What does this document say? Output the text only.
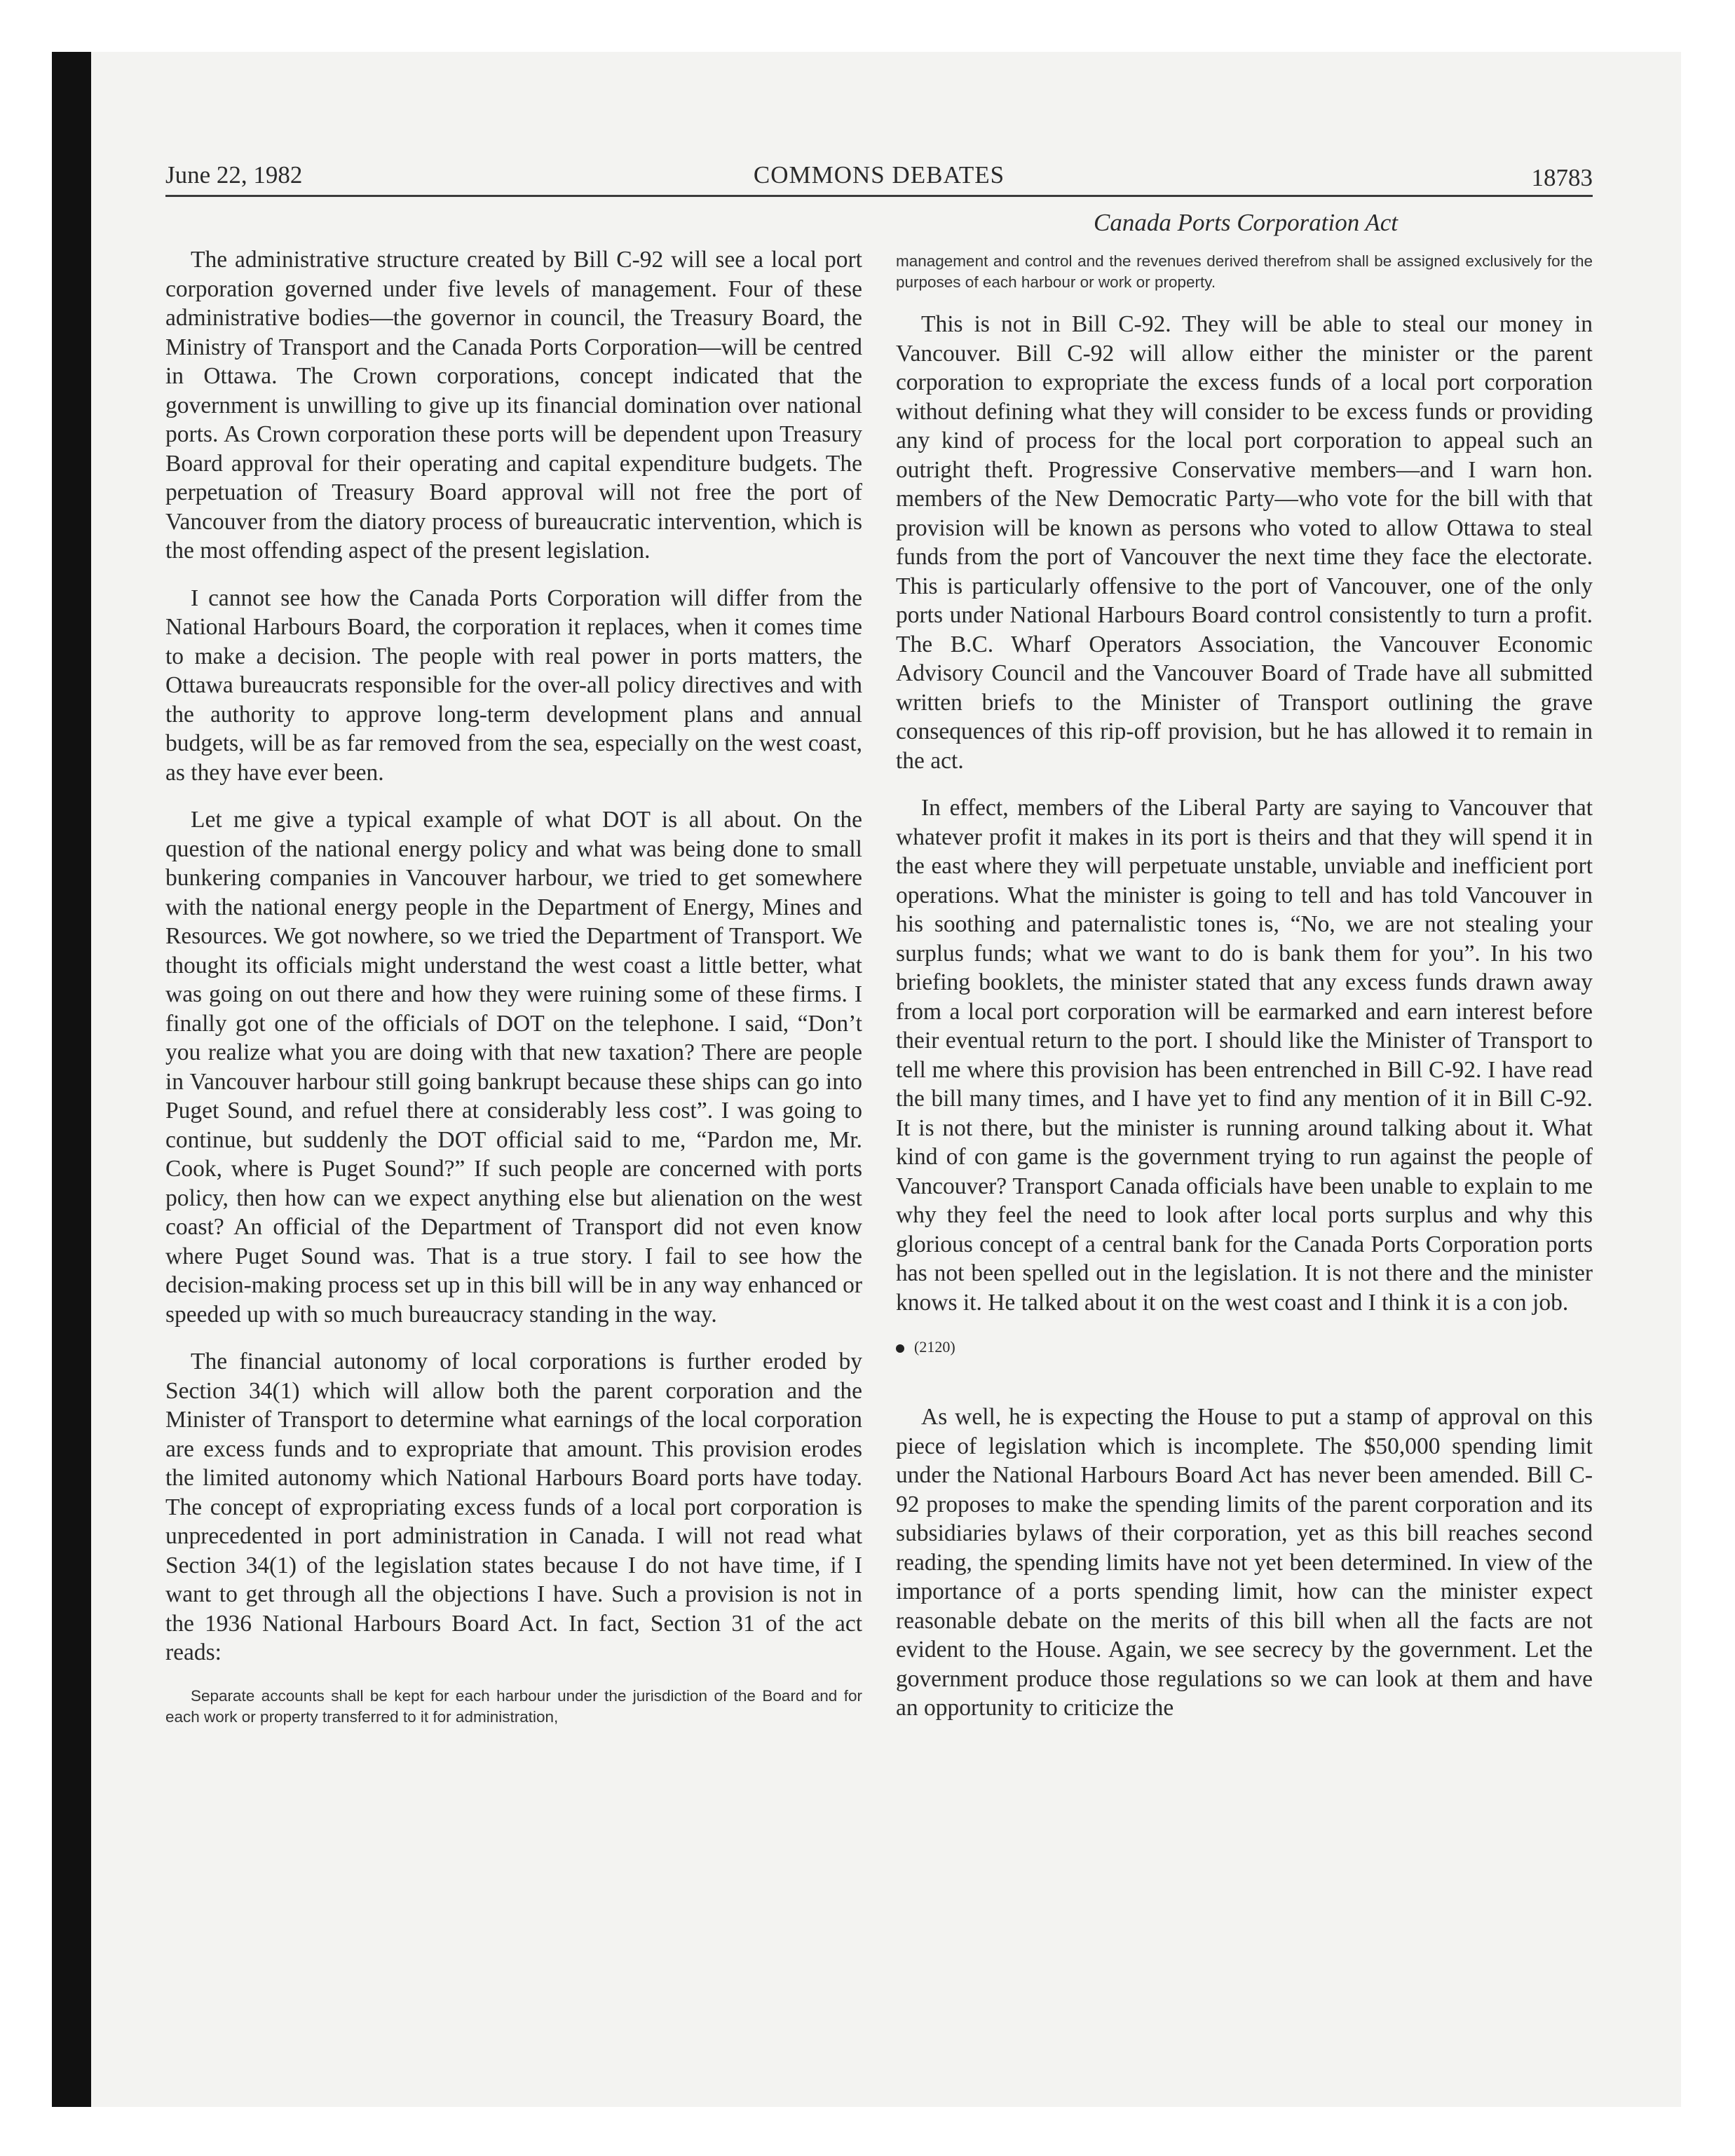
June 22, 1982	COMMONS DEBATES	18783
Canada Ports Corporation Act

The administrative structure created by Bill C-92 will see a local port corporation governed under five levels of management. Four of these administrative bodies—the governor in council, the Treasury Board, the Ministry of Transport and the Canada Ports Corporation—will be centred in Ottawa. The Crown corporations, concept indicated that the government is unwilling to give up its financial domination over national ports. As Crown corporation these ports will be dependent upon Treasury Board approval for their operating and capital expenditure budgets. The perpetuation of Treasury Board approval will not free the port of Vancouver from the diatory process of bureaucratic intervention, which is the most offending aspect of the present legislation.

I cannot see how the Canada Ports Corporation will differ from the National Harbours Board, the corporation it replaces, when it comes time to make a decision. The people with real power in ports matters, the Ottawa bureaucrats responsible for the over-all policy directives and with the authority to approve long-term development plans and annual budgets, will be as far removed from the sea, especially on the west coast, as they have ever been.

Let me give a typical example of what DOT is all about. On the question of the national energy policy and what was being done to small bunkering companies in Vancouver harbour, we tried to get somewhere with the national energy people in the Department of Energy, Mines and Resources. We got nowhere, so we tried the Department of Transport. We thought its officials might understand the west coast a little better, what was going on out there and how they were ruining some of these firms. I finally got one of the officials of DOT on the telephone. I said, “Don’t you realize what you are doing with that new taxation? There are people in Vancouver harbour still going bankrupt because these ships can go into Puget Sound, and refuel there at considerably less cost”. I was going to continue, but suddenly the DOT official said to me, “Pardon me, Mr. Cook, where is Puget Sound?” If such people are concerned with ports policy, then how can we expect anything else but alienation on the west coast? An official of the Department of Transport did not even know where Puget Sound was. That is a true story. I fail to see how the decision-making process set up in this bill will be in any way enhanced or speeded up with so much bureaucracy standing in the way.

The financial autonomy of local corporations is further eroded by Section 34(1) which will allow both the parent corporation and the Minister of Transport to determine what earnings of the local corporation are excess funds and to expropriate that amount. This provision erodes the limited autonomy which National Harbours Board ports have today. The concept of expropriating excess funds of a local port corporation is unprecedented in port administration in Canada. I will not read what Section 34(1) of the legislation states because I do not have time, if I want to get through all the objections I have. Such a provision is not in the 1936 National Harbours Board Act. In fact, Section 31 of the act reads:

Separate accounts shall be kept for each harbour under the jurisdiction of the Board and for each work or property transferred to it for administration,

management and control and the revenues derived therefrom shall be assigned exclusively for the purposes of each harbour or work or property.

This is not in Bill C-92. They will be able to steal our money in Vancouver. Bill C-92 will allow either the minister or the parent corporation to expropriate the excess funds of a local port corporation without defining what they will consider to be excess funds or providing any kind of process for the local port corporation to appeal such an outright theft. Progressive Conservative members—and I warn hon. members of the New Democratic Party—who vote for the bill with that provision will be known as persons who voted to allow Ottawa to steal funds from the port of Vancouver the next time they face the electorate. This is particularly offensive to the port of Vancouver, one of the only ports under National Harbours Board control consistently to turn a profit. The B.C. Wharf Operators Association, the Vancouver Economic Advisory Council and the Vancouver Board of Trade have all submitted written briefs to the Minister of Transport outlining the grave consequences of this rip-off provision, but he has allowed it to remain in the act.

In effect, members of the Liberal Party are saying to Vancouver that whatever profit it makes in its port is theirs and that they will spend it in the east where they will perpetuate unstable, unviable and inefficient port operations. What the minister is going to tell and has told Vancouver in his soothing and paternalistic tones is, “No, we are not stealing your surplus funds; what we want to do is bank them for you”. In his two briefing booklets, the minister stated that any excess funds drawn away from a local port corporation will be earmarked and earn interest before their eventual return to the port. I should like the Minister of Transport to tell me where this provision has been entrenched in Bill C-92. I have read the bill many times, and I have yet to find any mention of it in Bill C-92. It is not there, but the minister is running around talking about it. What kind of con game is the government trying to run against the people of Vancouver? Transport Canada officials have been unable to explain to me why they feel the need to look after local ports surplus and why this glorious concept of a central bank for the Canada Ports Corporation ports has not been spelled out in the legislation. It is not there and the minister knows it. He talked about it on the west coast and I think it is a con job.

(2120)

As well, he is expecting the House to put a stamp of approval on this piece of legislation which is incomplete. The $50,000 spending limit under the National Harbours Board Act has never been amended. Bill C-92 proposes to make the spending limits of the parent corporation and its subsidiaries bylaws of their corporation, yet as this bill reaches second reading, the spending limits have not yet been determined. In view of the importance of a ports spending limit, how can the minister expect reasonable debate on the merits of this bill when all the facts are not evident to the House. Again, we see secrecy by the government. Let the government produce those regulations so we can look at them and have an opportunity to criticize the
